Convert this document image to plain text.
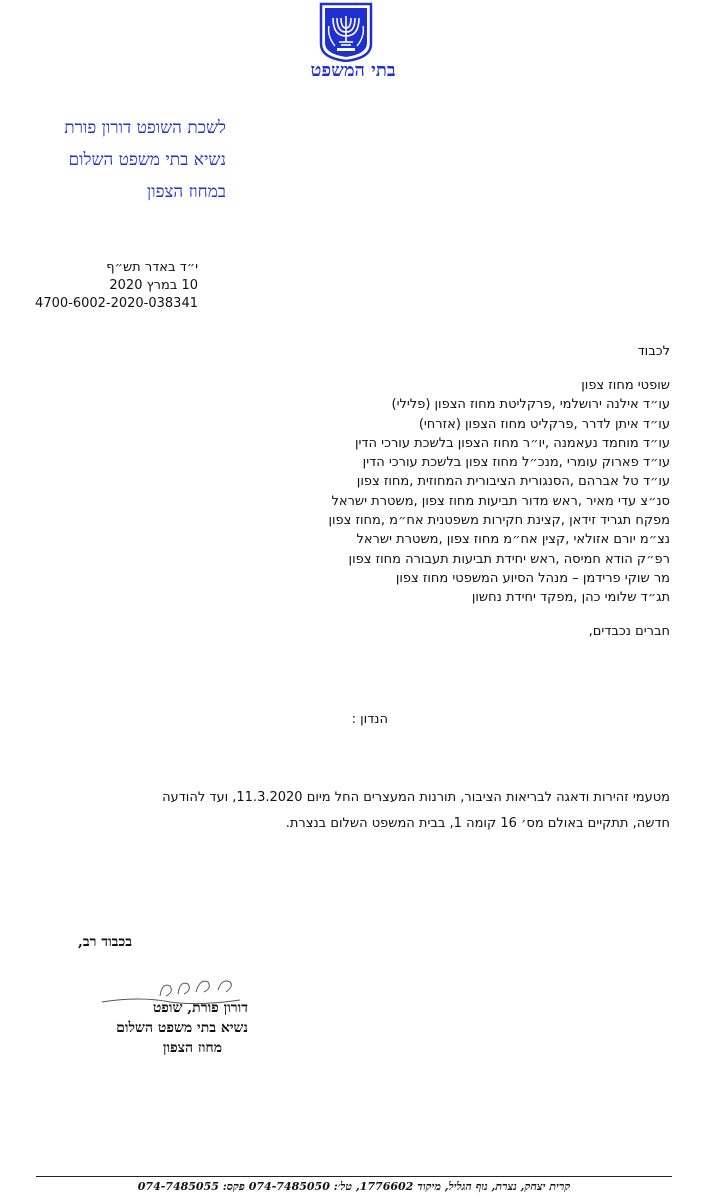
בתי המשפט
לשכת השופט דורון פורת
נשיא בתי משפט השלום
במחוז הצפון
י״ד באדר תש״ף
10 במרץ 2020
4700-6002-2020-038341
לכבוד
שופטי מחוז צפון
עו״ד אילנה ירושלמי ,פרקליטת מחוז הצפון (פלילי)
עו״ד איתן לדרר ,פרקליט מחוז הצפון (אזרחי)
עו״ד מוחמד נעאמנה ,יו״ר מחוז הצפון בלשכת עורכי הדין
עו״ד פארוק עומרי ,מנכ״ל מחוז צפון בלשכת עורכי הדין
עו״ד טל אברהם ,הסנגורית הציבורית המחוזית ,מחוז צפון
סנ״צ עדי מאיר ,ראש מדור תביעות מחוז צפון ,משטרת ישראל
מפקח תגריד זידאן ,קצינת חקירות משפטנית אח״מ ,מחוז צפון
נצ״מ יורם אזולאי ,קצין אח״מ מחוז צפון ,משטרת ישראל
רפ״ק הודא חמיסה ,ראש יחידת תביעות תעבורה מחוז צפון
מר שוקי פרידמן – מנהל הסיוע המשפטי מחוז צפון
תג״ד שלומי כהן ,מפקד יחידת נחשון
חברים נכבדים,
הנדון :
מטעמי זהירות ודאגה לבריאות הציבור, תורנות המעצרים החל מיום 11.3.2020, ועד להודעה
חדשה, תתקיים באולם מס׳ 16 קומה 1, בבית המשפט השלום בנצרת.
בכבוד רב,
דורון פורת, שופט
נשיא בתי משפט השלום
מחוז הצפון
קרית יצחק, נצרת, נוף הגליל, מיקוד 1776602, טל׳: 074-7485050 פקס: 074-7485055
